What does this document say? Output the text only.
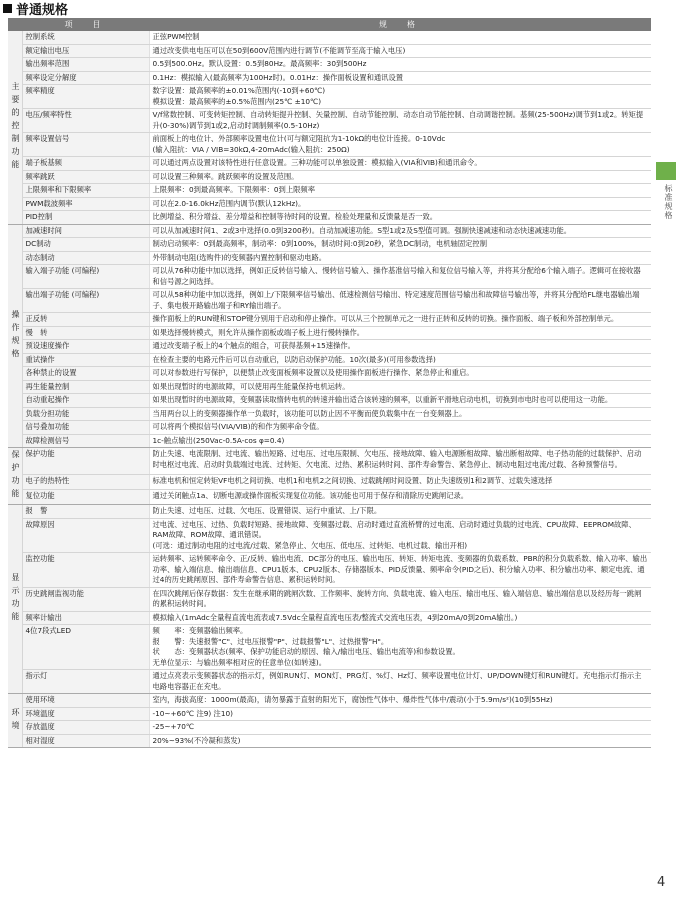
普通规格
	项　目	规　格
主要的控制功能	控制系统	正弦PWM控制

	额定输出电压	通过改变供电电压可以在50到600V范围内进行调节(不能调节至高于输入电压)

	输出频率范围	0.5到500.0Hz。默认设置：0.5到80Hz。最高频率：30到500Hz

	频率设定分解度	0.1Hz：模拟输入(最高频率为100Hz时)。0.01Hz：操作面板设置和通讯设置

	频率精度	数字设置：最高频率的±0.01%范围内(-10到+60℃)
模拟设置：最高频率的±0.5%范围内(25℃ ±10℃)

	电压/频率特性	V/f常数控制、可变转矩控制、自动转矩提升控制、矢量控制、自动节能控制、动态自动节能控制、自动调谐控制。基频(25-500Hz)调节到1或2。转矩提升(0-30%)调节到1或2,启动时调制频率(0.5-10Hz)

	频率设置信号	前面板上的电位计、外部频率设置电位计(可与额定阻抗为1-10kΩ的电位计连接。0-10Vdc
(输入阻抗：VIA / VIB=30kΩ,4-20mAdc(输入阻抗：250Ω)

	端子板基频	可以通过两点设置对该特性进行任意设置。三种功能可以单独设置：模拟输入(VIA和VIB)和通讯命令。

	频率跳跃	可以设置三种频率。跳跃频率的设置及范围。

	上限频率和下限频率	上限频率：0到最高频率。下限频率：0到上限频率

	PWM载波频率	可以在2.0-16.0kHz范围内调节(默认12kHz)。

	PID控制	比例增益、积分增益、差分增益和控制等待时间的设置。检验处理量和反馈量是否一致。

操作规格	加减速时间	可以从加减速时间1、2或3中选择(0.0到3200秒)。自动加减速功能。S型1或2及S型值可调。强制快速减速和动态快速减速功能。

	DC制动	制动启动频率：0到最高频率，制动率：0到100%，制动时间:0到20秒，紧急DC制动，电机轴固定控制

	动态制动	外带制动电阻(选购件)的变频器内置控制和驱动电路。

	输入端子功能 (可编程)	可以从76种功能中加以选择，例如正反转信号输入、慢转信号输入、操作基准信号输入和复位信号输入等，并将其分配给6个输入端子。逻辑可在接收器和信号源之间选择。

	输出端子功能 (可编程)	可以从58种功能中加以选择，例如上/下限频率信号输出、低速检测信号输出、特定速度范围信号输出和故障信号输出等，并将其分配给FL继电器输出端子、集电极开路输出端子和RY输出端子。

	正反转	操作面板上的RUN键和STOP键分别用于启动和停止操作。可以从三个控制单元之一进行正转和反转的切换。操作面板、端子板和外部控制单元。

	慢　转	如果选择慢转模式，则允许从操作面板或端子板上进行慢转操作。

	预设速度操作	通过改变端子板上的4个触点的组合，可获得基频+15速操作。

	重试操作	在检查主要的电路元件后可以自动重启，以防启动保护功能。10次(最多)(可用参数选择)

	各种禁止的设置	可以对参数进行写保护，以便禁止改变面板频率设置以及使用操作面板进行操作、紧急停止和重启。

	再生能量控制	如果出现暂时的电源故障，可以使用再生能量保持电机运转。

	自动重起操作	如果出现暂时的电源故障，变频器读取惰转电机的转速并输出适合该转速的频率，以重新平滑地启动电机，切换到市电时也可以使用这一功能。

	负载分担功能	当用两台以上的变频器操作单一负载时，该功能可以防止因不平衡而使负载集中在一台变频器上。

	信号叠加功能	可以将两个模拟信号(VIA/VIB)的和作为频率命令值。

	故障检测信号	1c-触点输出(250Vac-0.5A-cos φ=0.4)

保护功能	保护功能	防止失速、电流限制、过电流、输出短路、过电压、过电压限制、欠电压、接地故障、输入电源断相故障、输出断相故障、电子热功能的过载保护、启动时电枢过电流、启动时负载端过电流、过转矩、欠电流、过热、累积运转时间、部件寿命警告、紧急停止、制动电阻过电流/过载、各种预警信号。

	电子的热特性	标准电机和恒定转矩VF电机之间切换、电机1和电机2之间切换、过载跳闸时间设置、防止失速级别1和2调节、过载失速选择

	复位功能	通过关闭触点1a、切断电源或操作面板实现复位功能。该功能也可用于保存和清除历史跳闸记录。

显示功能	报　警	防止失速、过电压、过载、欠电压、设置错误、运行中重试、上/下限。

	故障原因	过电流、过电压、过热、负载时短路、接地故障、变频器过载、启动时通过直流桥臂的过电流、启动时通过负载的过电流、CPU故障、EEPROM故障、RAM故障、ROM故障、通讯错误。
(可选：通过制动电阻的过电流/过载、紧急停止、欠电压、低电压、过转矩、电机过载、输出开相)

	监控功能	运转频率、运转频率命令、正/反转、输出电流、DC部分的电压、输出电压、转矩、转矩电流、变频器的负载系数、PBR的积分负载系数、输入功率、输出功率、输入端信息、输出端信息、CPU1版本、CPU2版本、存储器版本、PID反馈量、频率命令(PID之后)、积分输入功率、积分输出功率、额定电流、通过4的历史跳闸原因、部件寿命警告信息、累积运转时间。

	历史跳闸监视功能	在四次跳闸后保存数据：发生在继承期的跳闸次数、工作频率、旋转方向、负载电流、输入电压、输出电压、输入端信息、输出端信息以及经历每一跳闸的累积运转时间。

	频率计输出	模拟输入(1mAdc全量程直流电流表或7.5Vdc全量程直流电压表/整流式交流电压表，4到20mA/0到20mA输出。)

	4位7段式LED	频　　率：变频器输出频率。
报　　警：失速报警"C"、过电压报警"P"、过载报警"L"、过热报警"H"。
状　　态：变频器状态(频率、保护功能启动的原因、输入/输出电压、输出电流等)和参数设置。
无单位显示：与输出频率相对应的任意单位(如转速)。

	指示灯	通过点亮表示变频器状态的指示灯，例如RUN灯、MON灯、PRG灯、%灯、Hz灯、频率设置电位计灯、UP/DOWN键灯和RUN键灯。充电指示灯指示主电路电容器正在充电。

环境	使用环境	室内，海拔高度：1000m(最高)，请勿暴露于直射的阳光下，腐蚀性气体中、爆炸性气体中/震动(小于5.9m/s²)(10到55Hz)

	环境温度	-10~+60℃ 注9) 注10)

	存放温度	-25~+70℃

	相对湿度	20%~93%(不冷凝和蒸发)
标准规格
4
